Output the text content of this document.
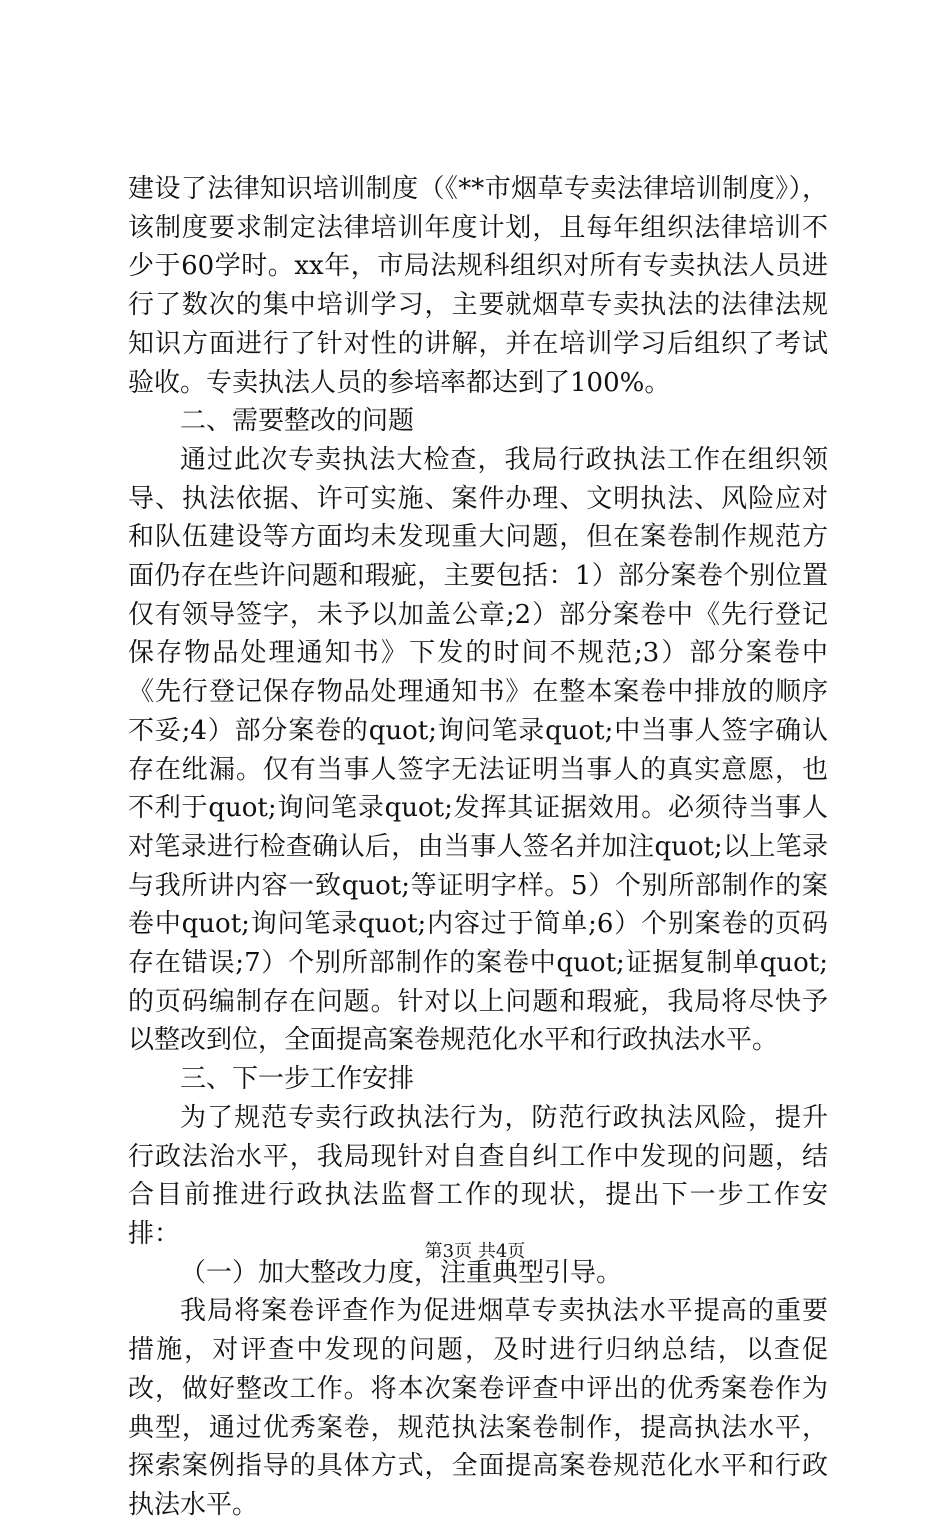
建设了法律知识培训制度（《**市烟草专卖法律培训制度》），该制度要求制定法律培训年度计划，且每年组织法律培训不少于60学时。xx年，市局法规科组织对所有专卖执法人员进行了数次的集中培训学习，主要就烟草专卖执法的法律法规知识方面进行了针对性的讲解，并在培训学习后组织了考试验收。专卖执法人员的参培率都达到了100%。

二、需要整改的问题

通过此次专卖执法大检查，我局行政执法工作在组织领导、执法依据、许可实施、案件办理、文明执法、风险应对和队伍建设等方面均未发现重大问题，但在案卷制作规范方面仍存在些许问题和瑕疵，主要包括：1）部分案卷个别位置仅有领导签字，未予以加盖公章;2）部分案卷中《先行登记保存物品处理通知书》下发的时间不规范;3）部分案卷中《先行登记保存物品处理通知书》在整本案卷中排放的顺序不妥;4）部分案卷的quot;询问笔录quot;中当事人签字确认存在纰漏。仅有当事人签字无法证明当事人的真实意愿，也不利于quot;询问笔录quot;发挥其证据效用。必须待当事人对笔录进行检查确认后，由当事人签名并加注quot;以上笔录与我所讲内容一致quot;等证明字样。5）个别所部制作的案卷中quot;询问笔录quot;内容过于简单;6）个别案卷的页码存在错误;7）个别所部制作的案卷中quot;证据复制单quot;的页码编制存在问题。针对以上问题和瑕疵，我局将尽快予以整改到位，全面提高案卷规范化水平和行政执法水平。

三、下一步工作安排

为了规范专卖行政执法行为，防范行政执法风险，提升行政法治水平，我局现针对自查自纠工作中发现的问题，结合目前推进行政执法监督工作的现状，提出下一步工作安排：

（一）加大整改力度，注重典型引导。

我局将案卷评查作为促进烟草专卖执法水平提高的重要措施，对评查中发现的问题，及时进行归纳总结，以查促改，做好整改工作。将本次案卷评查中评出的优秀案卷作为典型，通过优秀案卷，规范执法案卷制作，提高执法水平，探索案例指导的具体方式，全面提高案卷规范化水平和行政执法水平。

第3页 共4页
